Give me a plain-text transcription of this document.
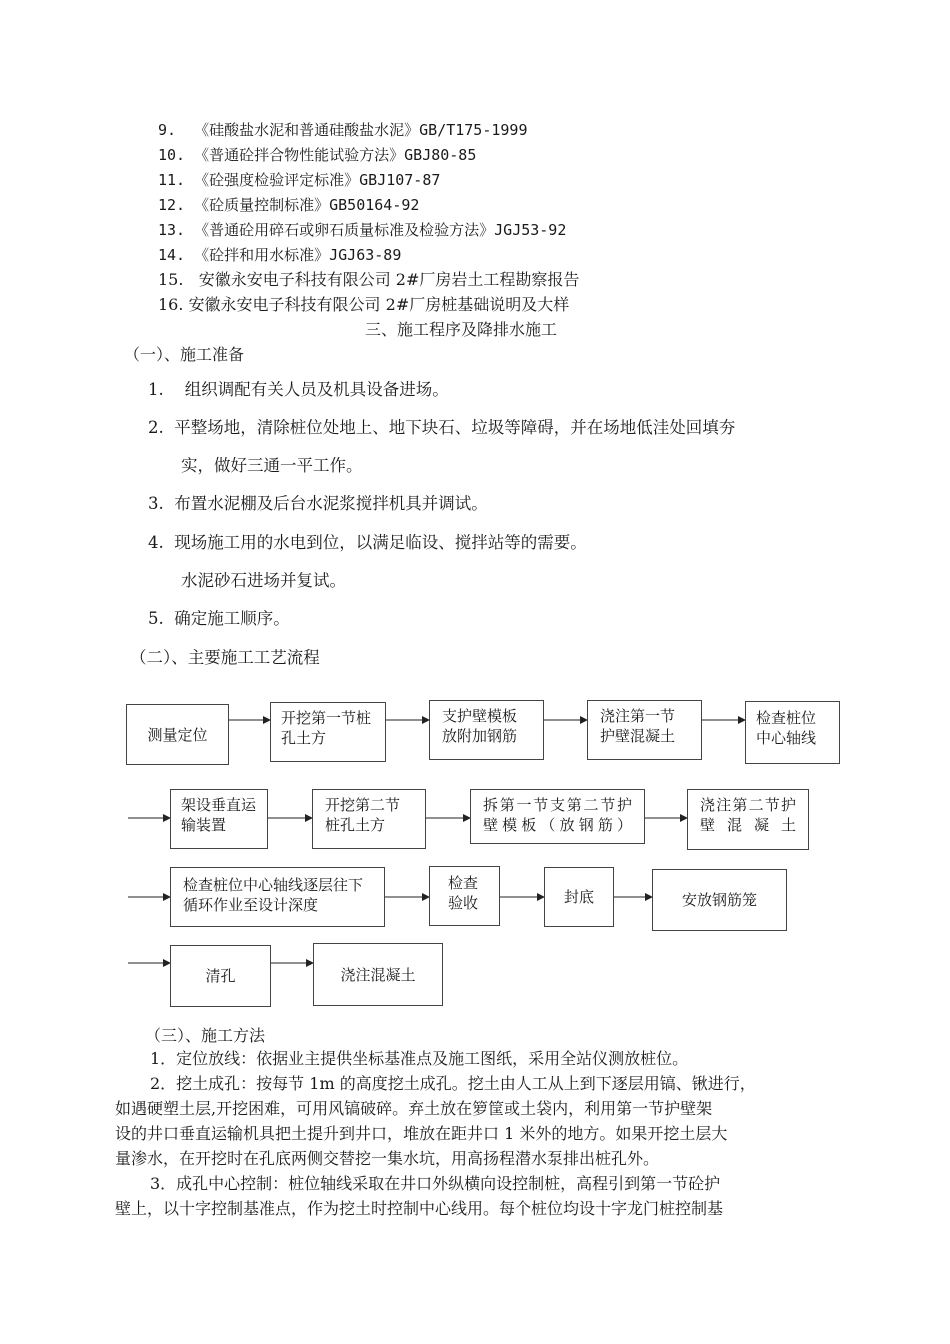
9. 《硅酸盐水泥和普通硅酸盐水泥》GB/T175-1999
10. 《普通砼拌合物性能试验方法》GBJ80-85
11. 《砼强度检验评定标准》GBJ107-87
12. 《砼质量控制标准》GB50164-92
13. 《普通砼用碎石或卵石质量标准及检验方法》JGJ53-92
14. 《砼拌和用水标准》JGJ63-89
15. 安徽永安电子科技有限公司 2#厂房岩土工程勘察报告
16. 安徽永安电子科技有限公司 2#厂房桩基础说明及大样
三、施工程序及降排水施工
（一）、施工准备
1. 组织调配有关人员及机具设备进场。
2. 平整场地，清除桩位处地上、地下块石、垃圾等障碍，并在场地低洼处回填夯
实，做好三通一平工作。
3. 布置水泥棚及后台水泥浆搅拌机具并调试。
4. 现场施工用的水电到位，以满足临设、搅拌站等的需要。
水泥砂石进场并复试。
5. 确定施工顺序。
（二）、主要施工工艺流程
测量定位
开挖第一节桩孔土方
支护壁模板放附加钢筋
浇注第一节护壁混凝土
检查桩位中心轴线
架设垂直运输装置
开挖第二节桩孔土方
拆第一节支第二节护壁模板（放钢筋）
浇注第二节护壁混凝土
检查桩位中心轴线逐层往下循环作业至设计深度
检查验收	封底	安放钢筋笼
清孔	浇注混凝土
（三）、施工方法
1．定位放线：依据业主提供坐标基准点及施工图纸，采用全站仪测放桩位。
2．挖土成孔：按每节 1m 的高度挖土成孔。挖土由人工从上到下逐层用镐、锹进行，
如遇硬塑土层,开挖困难，可用风镐破碎。弃土放在箩筐或土袋内，利用第一节护壁架
设的井口垂直运输机具把土提升到井口，堆放在距井口 1 米外的地方。如果开挖土层大
量渗水，在开挖时在孔底两侧交替挖一集水坑，用高扬程潜水泵排出桩孔外。
3．成孔中心控制：桩位轴线采取在井口外纵横向设控制桩，高程引到第一节砼护
壁上，以十字控制基准点，作为挖土时控制中心线用。每个桩位均设十字龙门桩控制基
